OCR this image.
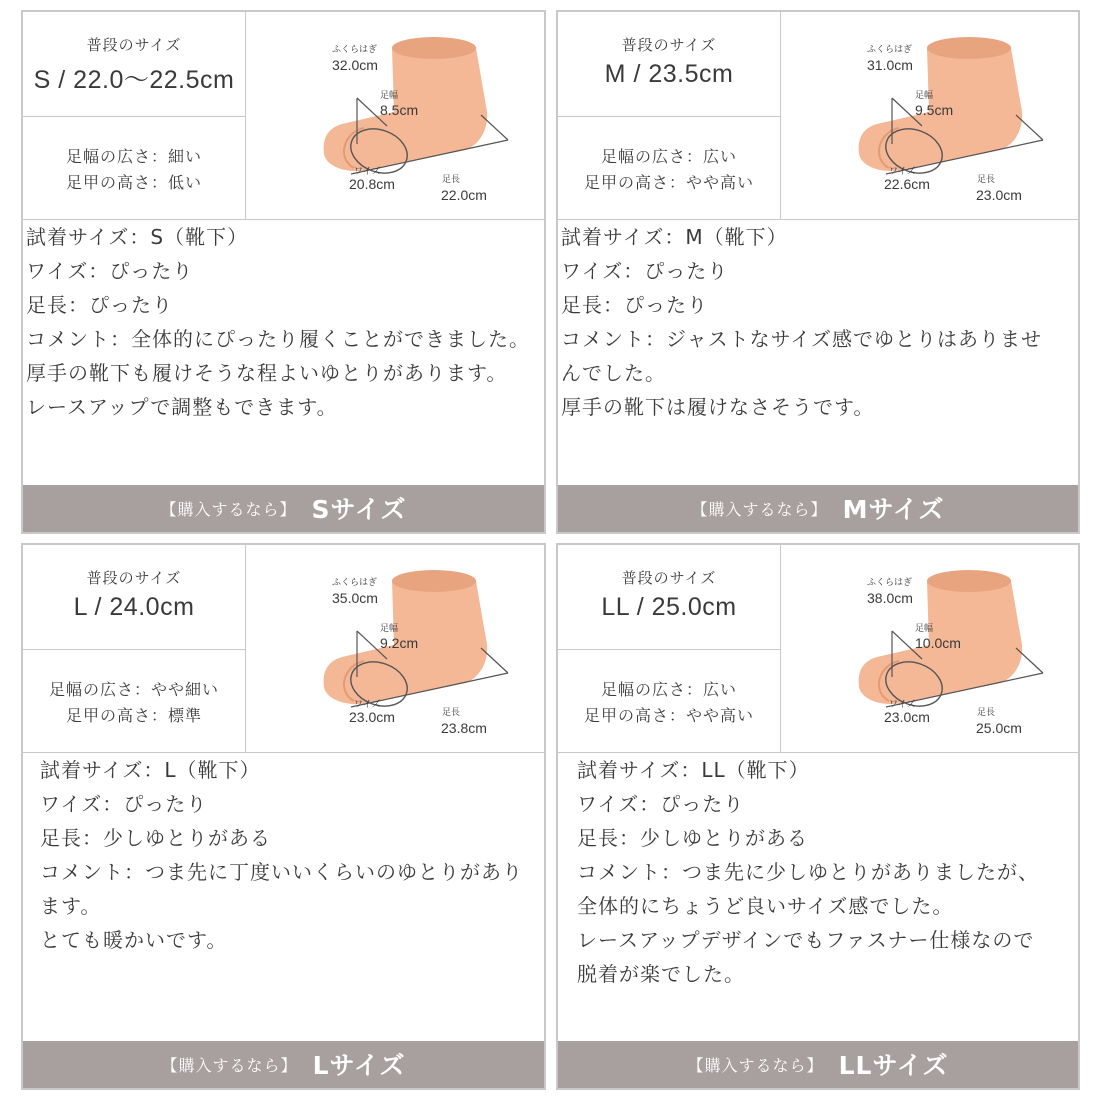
普段のサイズ
S / 22.0〜22.5cm
足幅の広さ：細い
足甲の高さ：低い
ふくらはぎ
32.0cm
足幅
8.5cm
ワイズ
20.8cm	足長
22.0cm
試着サイズ：S（靴下）
ワイズ：ぴったり
足長：ぴったり
コメント：全体的にぴったり履くことができました。
厚手の靴下も履けそうな程よいゆとりがあります。
レースアップで調整もできます。
【購入するなら】 Sサイズ
普段のサイズ
M / 23.5cm
足幅の広さ：広い
足甲の高さ：やや高い
ふくらはぎ
31.0cm
足幅
9.5cm
ワイズ
22.6cm	足長
23.0cm
試着サイズ：M（靴下）
ワイズ：ぴったり
足長：ぴったり
コメント：ジャストなサイズ感でゆとりはありませ
んでした。
厚手の靴下は履けなさそうです。
【購入するなら】 Mサイズ
普段のサイズ
L / 24.0cm
足幅の広さ：やや細い
足甲の高さ：標準
ふくらはぎ
35.0cm
足幅
9.2cm
ワイズ
23.0cm	足長
23.8cm
試着サイズ：L（靴下）
ワイズ：ぴったり
足長：少しゆとりがある
コメント：つま先に丁度いいくらいのゆとりがあり
ます。
とても暖かいです。
【購入するなら】 Lサイズ
普段のサイズ
LL / 25.0cm
足幅の広さ：広い
足甲の高さ：やや高い
ふくらはぎ
38.0cm
足幅
10.0cm
ワイズ
23.0cm	足長
25.0cm
試着サイズ：LL（靴下）
ワイズ：ぴったり
足長：少しゆとりがある
コメント：つま先に少しゆとりがありましたが、
全体的にちょうど良いサイズ感でした。
レースアップデザインでもファスナー仕様なので
脱着が楽でした。
【購入するなら】 LLサイズ
